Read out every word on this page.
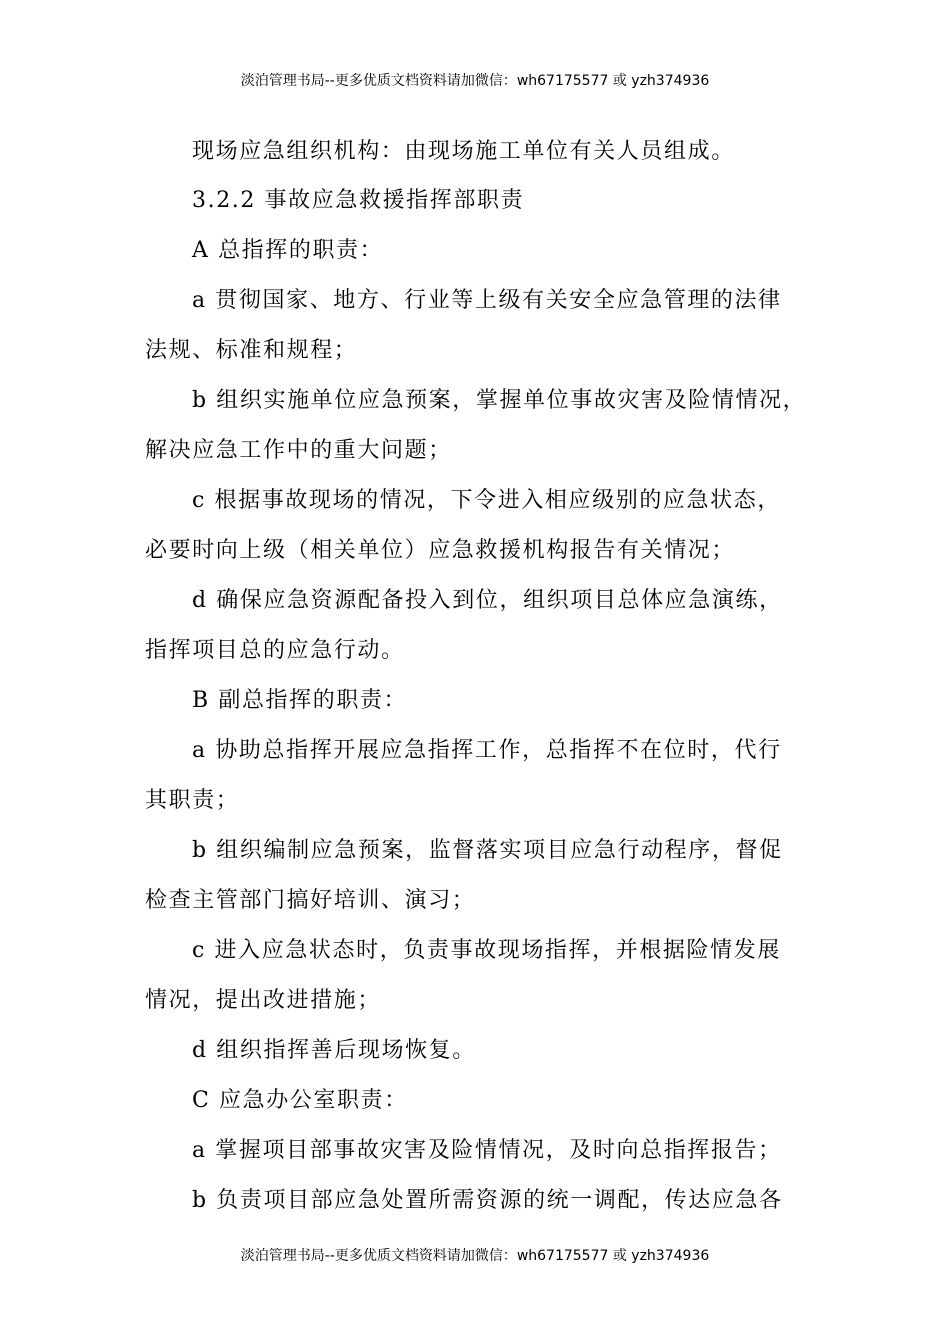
淡泊管理书局--更多优质文档资料请加微信：wh67175577 或 yzh374936
现场应急组织机构：由现场施工单位有关人员组成。
3.2.2 事故应急救援指挥部职责
A 总指挥的职责：
a 贯彻国家、地方、行业等上级有关安全应急管理的法律
法规、标准和规程；
b 组织实施单位应急预案，掌握单位事故灾害及险情情况，
解决应急工作中的重大问题；
c 根据事故现场的情况，下令进入相应级别的应急状态，
必要时向上级（相关单位）应急救援机构报告有关情况；
d 确保应急资源配备投入到位，组织项目总体应急演练，
指挥项目总的应急行动。
B 副总指挥的职责：
a 协助总指挥开展应急指挥工作，总指挥不在位时，代行
其职责；
b 组织编制应急预案，监督落实项目应急行动程序，督促
检查主管部门搞好培训、演习；
c 进入应急状态时，负责事故现场指挥，并根据险情发展
情况，提出改进措施；
d 组织指挥善后现场恢复。
C 应急办公室职责：
a 掌握项目部事故灾害及险情情况，及时向总指挥报告；
b 负责项目部应急处置所需资源的统一调配，传达应急各
淡泊管理书局--更多优质文档资料请加微信：wh67175577 或 yzh374936
